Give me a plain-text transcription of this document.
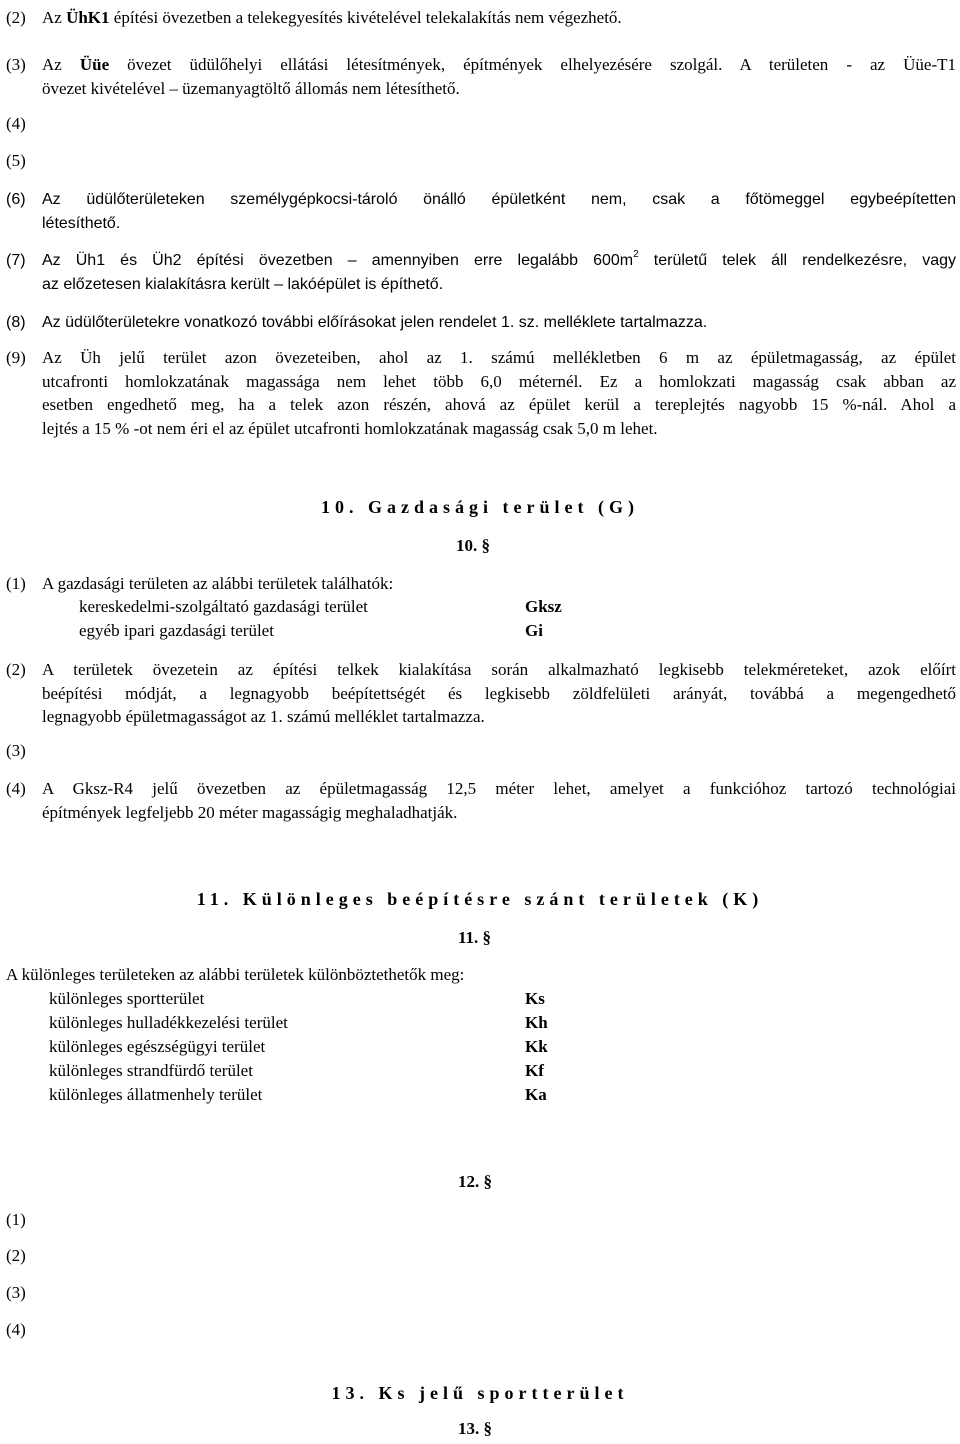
(2) Az ÜhK1 építési övezetben a telekegyesítés kivételével telekalakítás nem végezhető.
(3) Az Üüe övezet üdülőhelyi ellátási létesítmények, építmények elhelyezésére szolgál. A területen - az Üüe-T1
övezet kivételével – üzemanyagtöltő állomás nem létesíthető.
(4)
(5)
(6) Az üdülőterületeken személygépkocsi-tároló önálló épületként nem, csak a főtömeggel egybeépítetten
létesíthető.
(7) Az Üh1 és Üh2 építési övezetben – amennyiben erre legalább $600m^2$ területű telek áll rendelkezésre, vagy
az előzetesen kialakításra került – lakóépület is építhető.
(8) Az üdülőterületekre vonatkozó további előírásokat jelen rendelet 1. sz. melléklete tartalmazza.
(9) Az Üh jelű terület azon övezeteiben, ahol az 1. számú mellékletben 6 m az épületmagasság, az épület
utcafronti homlokzatának magassága nem lehet több 6,0 méternél. Ez a homlokzati magasság csak abban az
esetben engedhető meg, ha a telek azon részén, ahová az épület kerül a tereplejtés nagyobb 15 %-nál. Ahol a
lejtés a 15 % -ot nem éri el az épület utcafronti homlokzatának magasság csak 5,0 m lehet.
10. Gazdasági terület (G)
10. §
(1) A gazdasági területen az alábbi területek találhatók:
kereskedelmi-szolgáltató gazdasági terület	Gksz
egyéb ipari gazdasági terület	Gi
(2) A területek övezetein az építési telkek kialakítása során alkalmazható legkisebb telekméreteket, azok előírt
beépítési módját, a legnagyobb beépítettségét és legkisebb zöldfelületi arányát, továbbá a megengedhető
legnagyobb épületmagasságot az 1. számú melléklet tartalmazza.
(3)
(4) A Gksz-R4 jelű övezetben az épületmagasság 12,5 méter lehet, amelyet a funkcióhoz tartozó technológiai
építmények legfeljebb 20 méter magasságig meghaladhatják.
11. Különleges beépítésre szánt területek (K)
11. §
A különleges területeken az alábbi területek különböztethetők meg:
különleges sportterület	Ks
különleges hulladékkezelési terület	Kh
különleges egészségügyi terület	Kk
különleges strandfürdő terület	Kf
különleges állatmenhely terület	Ka
12. §
(1)
(2)
(3)
(4)
13. Ks jelű sportterület
13. §
